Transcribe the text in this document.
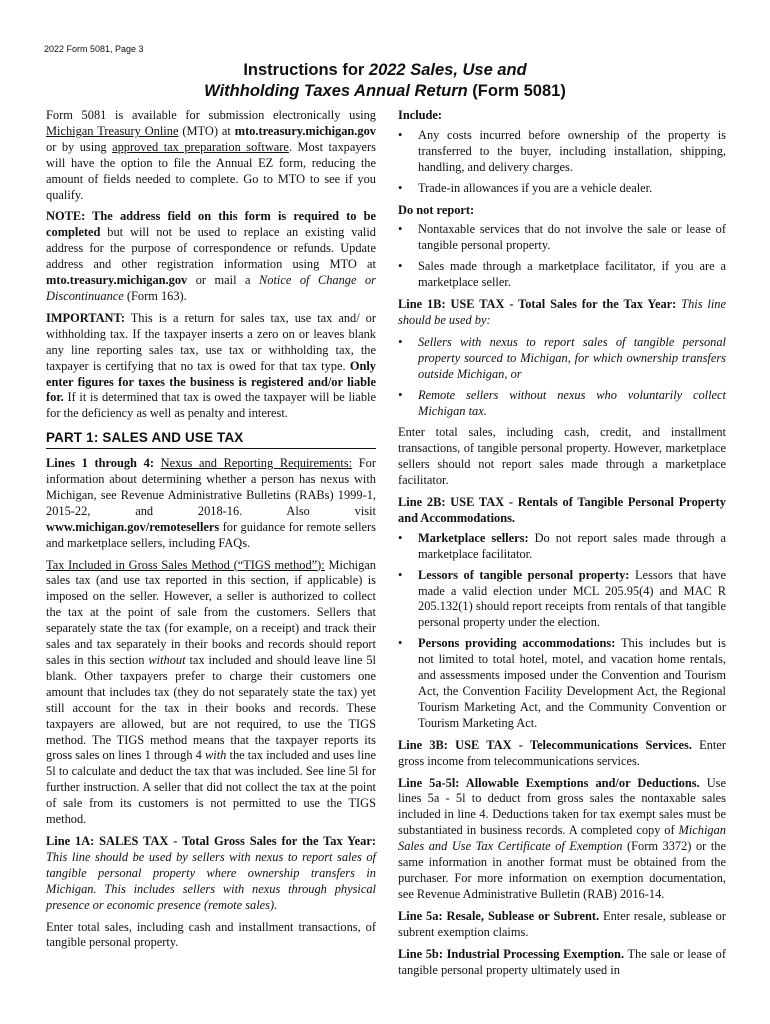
2022 Form 5081, Page 3
Instructions for 2022 Sales, Use and
Withholding Taxes Annual Return (Form 5081)

Form 5081 is available for submission electronically using Michigan Treasury Online (MTO) at mto.treasury.michigan.gov or by using approved tax preparation software. Most taxpayers will have the option to file the Annual EZ form, reducing the amount of fields needed to complete. Go to MTO to see if you qualify.

NOTE: The address field on this form is required to be completed but will not be used to replace an existing valid address for the purpose of correspondence or refunds. Update address and other registration information using MTO at mto.treasury.michigan.gov or mail a Notice of Change or Discontinuance (Form 163).

IMPORTANT: This is a return for sales tax, use tax and/ or withholding tax. If the taxpayer inserts a zero on or leaves blank any line reporting sales tax, use tax or withholding tax, the taxpayer is certifying that no tax is owed for that tax type. Only enter figures for taxes the business is registered and/or liable for. If it is determined that tax is owed the taxpayer will be liable for the deficiency as well as penalty and interest.

PART 1: SALES AND USE TAX

Lines 1 through 4: Nexus and Reporting Requirements: For information about determining whether a person has nexus with Michigan, see Revenue Administrative Bulletins (RABs) 1999-1, 2015-22, and 2018-16. Also visit www.michigan.gov/remotesellers for guidance for remote sellers and marketplace sellers, including FAQs.

Tax Included in Gross Sales Method (“TIGS method”): Michigan sales tax (and use tax reported in this section, if applicable) is imposed on the seller. However, a seller is authorized to collect the tax at the point of sale from the customers. Sellers that separately state the tax (for example, on a receipt) and track their sales and tax separately in their books and records should report sales in this section without tax included and should leave line 5l blank. Other taxpayers prefer to charge their customers one amount that includes tax (they do not separately state the tax) yet still account for the tax in their books and records. These taxpayers are allowed, but are not required, to use the TIGS method. The TIGS method means that the taxpayer reports its gross sales on lines 1 through 4 with the tax included and uses line 5l to calculate and deduct the tax that was included. See line 5l for further instruction. A seller that did not collect the tax at the point of sale from its customers is not permitted to use the TIGS method.

Line 1A: SALES TAX - Total Gross Sales for the Tax Year: This line should be used by sellers with nexus to report sales of tangible personal property where ownership transfers in Michigan. This includes sellers with nexus through physical presence or economic presence (remote sales).

Enter total sales, including cash and installment transactions, of tangible personal property.

Include:
• Any costs incurred before ownership of the property is transferred to the buyer, including installation, shipping, handling, and delivery charges.
• Trade-in allowances if you are a vehicle dealer.
Do not report:
• Nontaxable services that do not involve the sale or lease of tangible personal property.
• Sales made through a marketplace facilitator, if you are a marketplace seller.

Line 1B: USE TAX - Total Sales for the Tax Year: This line should be used by:

• Sellers with nexus to report sales of tangible personal property sourced to Michigan, for which ownership transfers outside Michigan, or
• Remote sellers without nexus who voluntarily collect Michigan tax.

Enter total sales, including cash, credit, and installment transactions, of tangible personal property. However, marketplace sellers should not report sales made through a marketplace facilitator.

Line 2B: USE TAX - Rentals of Tangible Personal Property and Accommodations.

• Marketplace sellers: Do not report sales made through a marketplace facilitator.
• Lessors of tangible personal property: Lessors that have made a valid election under MCL 205.95(4) and MAC R 205.132(1) should report receipts from rentals of that tangible personal property under the election.
• Persons providing accommodations: This includes but is not limited to total hotel, motel, and vacation home rentals, and assessments imposed under the Convention and Tourism Act, the Convention Facility Development Act, the Regional Tourism Marketing Act, and the Community Convention or Tourism Marketing Act.

Line 3B: USE TAX - Telecommunications Services. Enter gross income from telecommunications services.

Line 5a-5l: Allowable Exemptions and/or Deductions. Use lines 5a - 5l to deduct from gross sales the nontaxable sales included in line 4. Deductions taken for tax exempt sales must be substantiated in business records. A completed copy of Michigan Sales and Use Tax Certificate of Exemption (Form 3372) or the same information in another format must be obtained from the purchaser. For more information on exemption documentation, see Revenue Administrative Bulletin (RAB) 2016-14.

Line 5a: Resale, Sublease or Subrent. Enter resale, sublease or subrent exemption claims.

Line 5b: Industrial Processing Exemption. The sale or lease of tangible personal property ultimately used in
